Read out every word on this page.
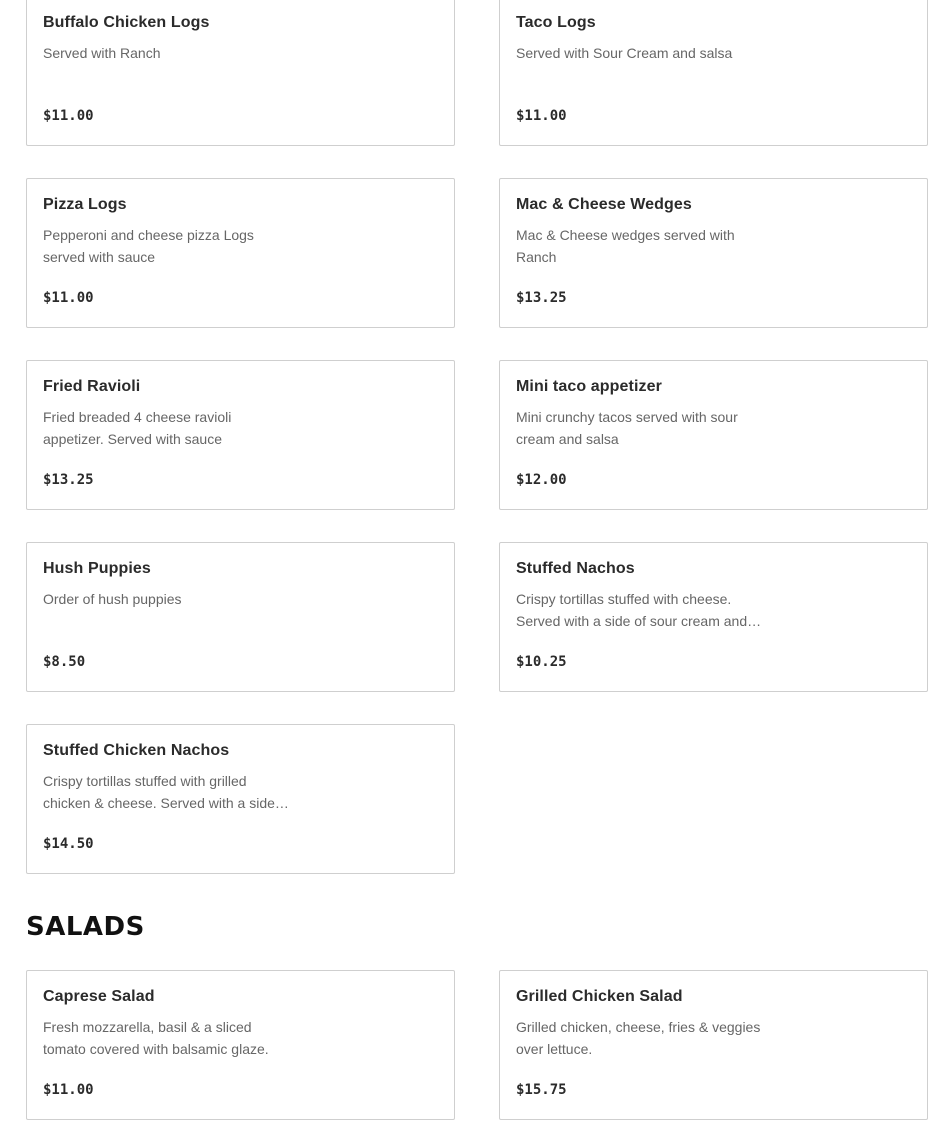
Buffalo Chicken Logs
Served with Ranch
$11.00
Taco Logs
Served with Sour Cream and salsa
$11.00
Pizza Logs
Pepperoni and cheese pizza Logs served with sauce
$11.00
Mac & Cheese Wedges
Mac & Cheese wedges served with Ranch
$13.25
Fried Ravioli
Fried breaded 4 cheese ravioli appetizer. Served with sauce
$13.25
Mini taco appetizer
Mini crunchy tacos served with sour cream and salsa
$12.00
Hush Puppies
Order of hush puppies
$8.50
Stuffed Nachos
Crispy tortillas stuffed with cheese. Served with a side of sour cream and…
$10.25
Stuffed Chicken Nachos
Crispy tortillas stuffed with grilled chicken & cheese. Served with a side…
$14.50
SALADS
Caprese Salad
Fresh mozzarella, basil & a sliced tomato covered with balsamic glaze.
$11.00
Grilled Chicken Salad
Grilled chicken, cheese, fries & veggies over lettuce.
$15.75
